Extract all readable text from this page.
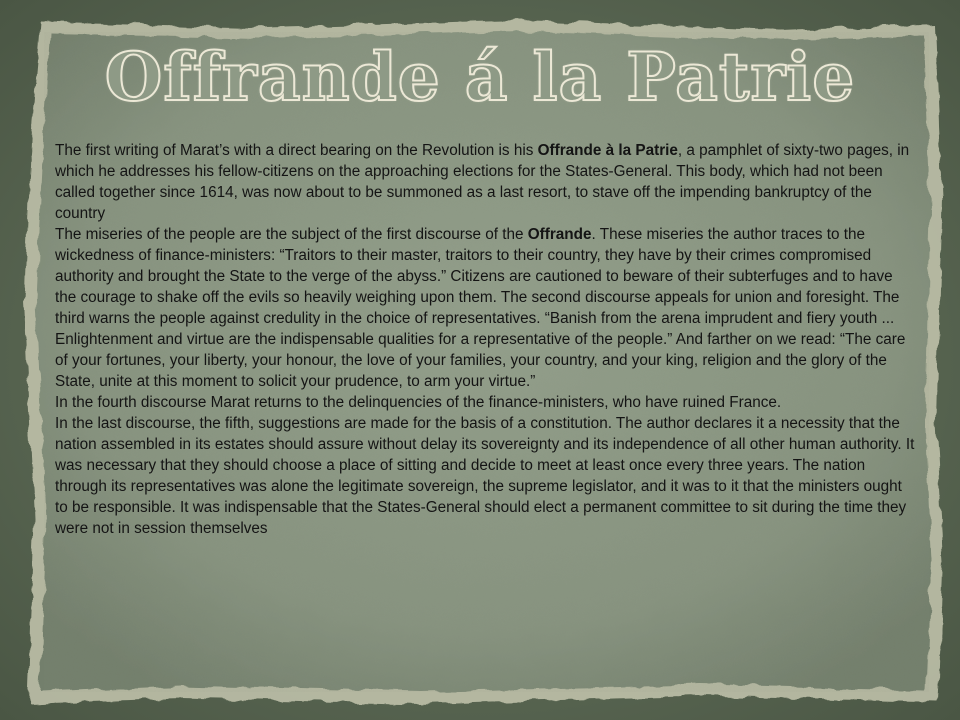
Offrande á la Patrie

The first writing of Marat’s with a direct bearing on the Revolution is his Offrande à la Patrie, a pamphlet of sixty-two pages, in which he addresses his fellow-citizens on the approaching elections for the States-General. This body, which had not been called together since 1614, was now about to be summoned as a last resort, to stave off the impending bankruptcy of the country

The miseries of the people are the subject of the first discourse of the Offrande. These miseries the author traces to the wickedness of finance-ministers: “Traitors to their master, traitors to their country, they have by their crimes compromised authority and brought the State to the verge of the abyss.” Citizens are cautioned to beware of their subterfuges and to have the courage to shake off the evils so heavily weighing upon them. The second discourse appeals for union and foresight. The third warns the people against credulity in the choice of representatives. “Banish from the arena imprudent and fiery youth ... Enlightenment and virtue are the indispensable qualities for a representative of the people.” And farther on we read: “The care of your fortunes, your liberty, your honour, the love of your families, your country, and your king, religion and the glory of the State, unite at this moment to solicit your prudence, to arm your virtue.”

In the fourth discourse Marat returns to the delinquencies of the finance-ministers, who have ruined France.

In the last discourse, the fifth, suggestions are made for the basis of a constitution. The author declares it a necessity that the nation assembled in its estates should assure without delay its sovereignty and its independence of all other human authority. It was necessary that they should choose a place of sitting and decide to meet at least once every three years. The nation through its representatives was alone the legitimate sovereign, the supreme legislator, and it was to it that the ministers ought to be responsible. It was indispensable that the States-General should elect a permanent committee to sit during the time they were not in session themselves
